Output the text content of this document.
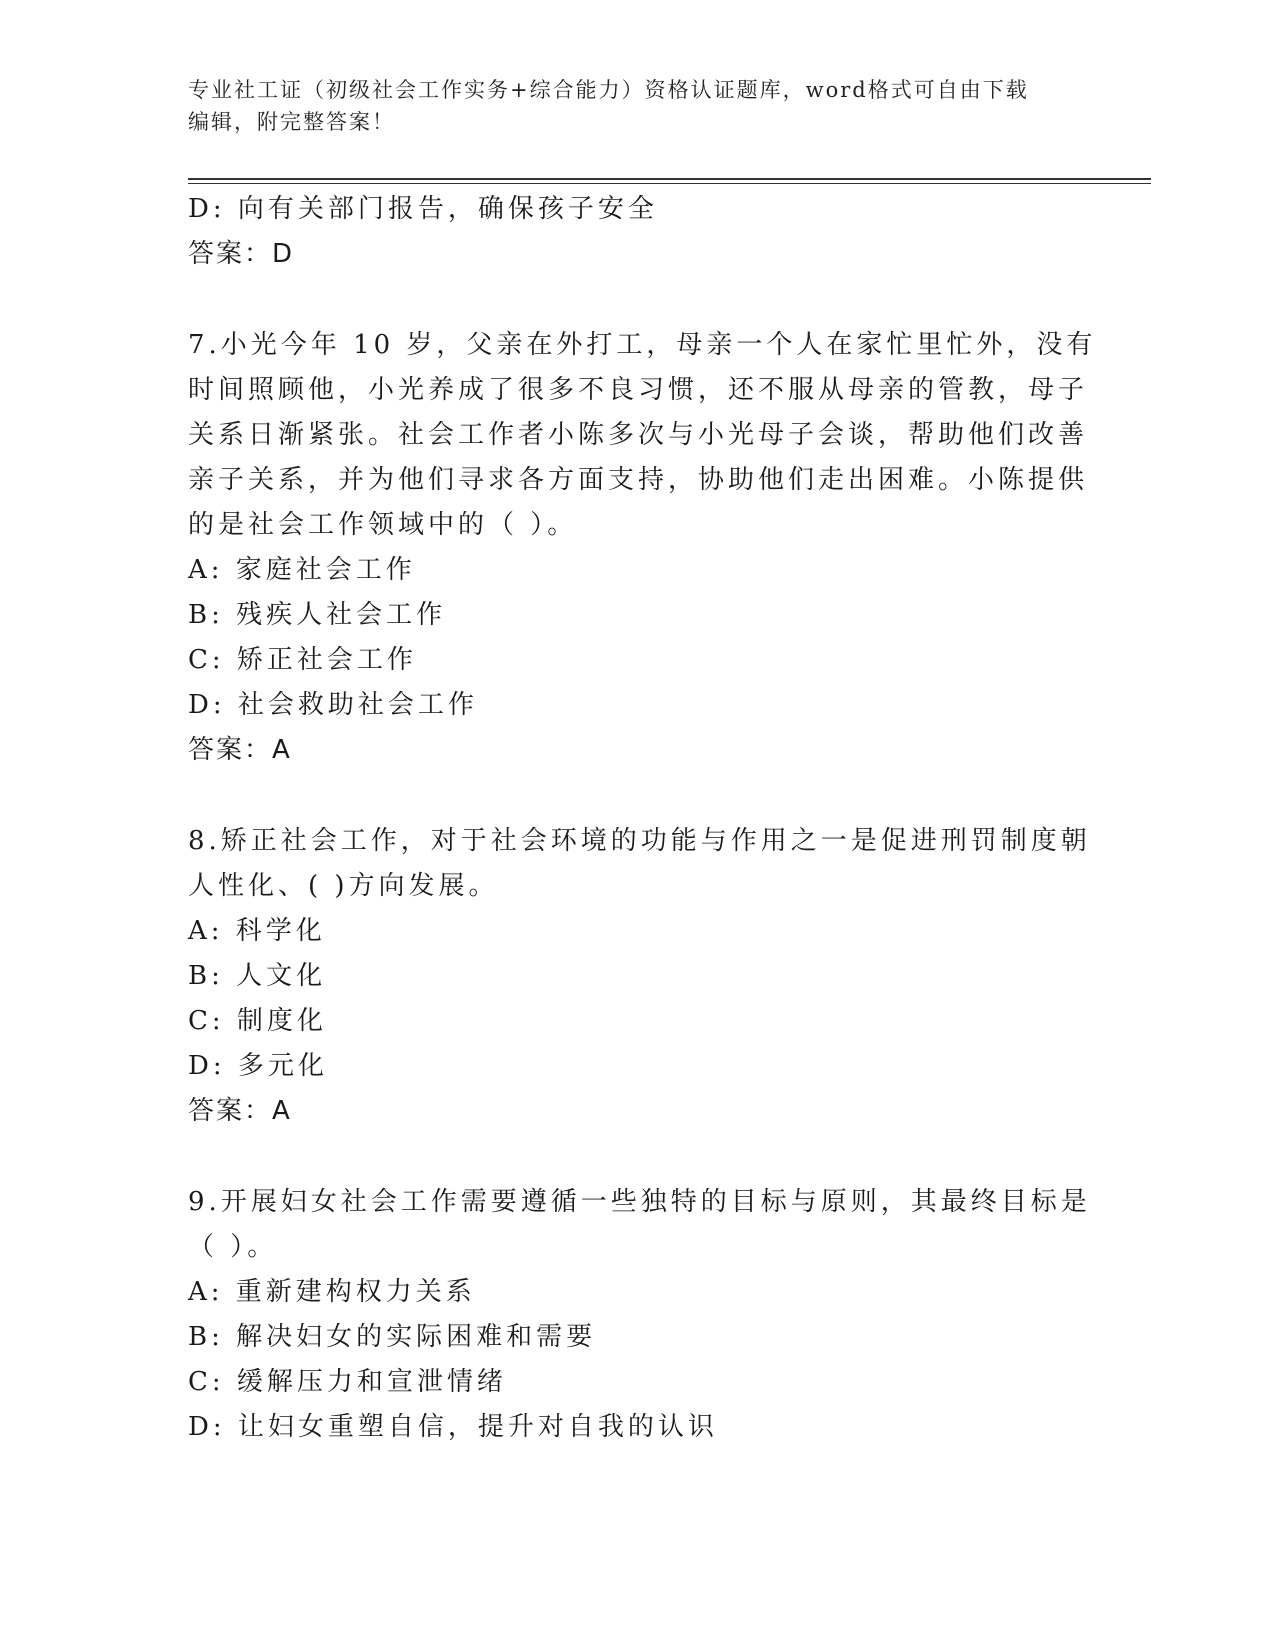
专业社工证（初级社会工作实务+综合能力）资格认证题库，word格式可自由下载
编辑，附完整答案！
D: 向有关部门报告，确保孩子安全
答案：D
7.小光今年 10 岁，父亲在外打工，母亲一个人在家忙里忙外，没有
时间照顾他，小光养成了很多不良习惯，还不服从母亲的管教，母子
关系日渐紧张。社会工作者小陈多次与小光母子会谈，帮助他们改善
亲子关系，并为他们寻求各方面支持，协助他们走出困难。小陈提供
的是社会工作领域中的（ ）。
A: 家庭社会工作
B: 残疾人社会工作
C: 矫正社会工作
D: 社会救助社会工作
答案：A
8.矫正社会工作，对于社会环境的功能与作用之一是促进刑罚制度朝
人性化、( )方向发展。
A: 科学化
B: 人文化
C: 制度化
D: 多元化
答案：A
9.开展妇女社会工作需要遵循一些独特的目标与原则，其最终目标是
（ ）。
A: 重新建构权力关系
B: 解决妇女的实际困难和需要
C: 缓解压力和宣泄情绪
D: 让妇女重塑自信，提升对自我的认识
